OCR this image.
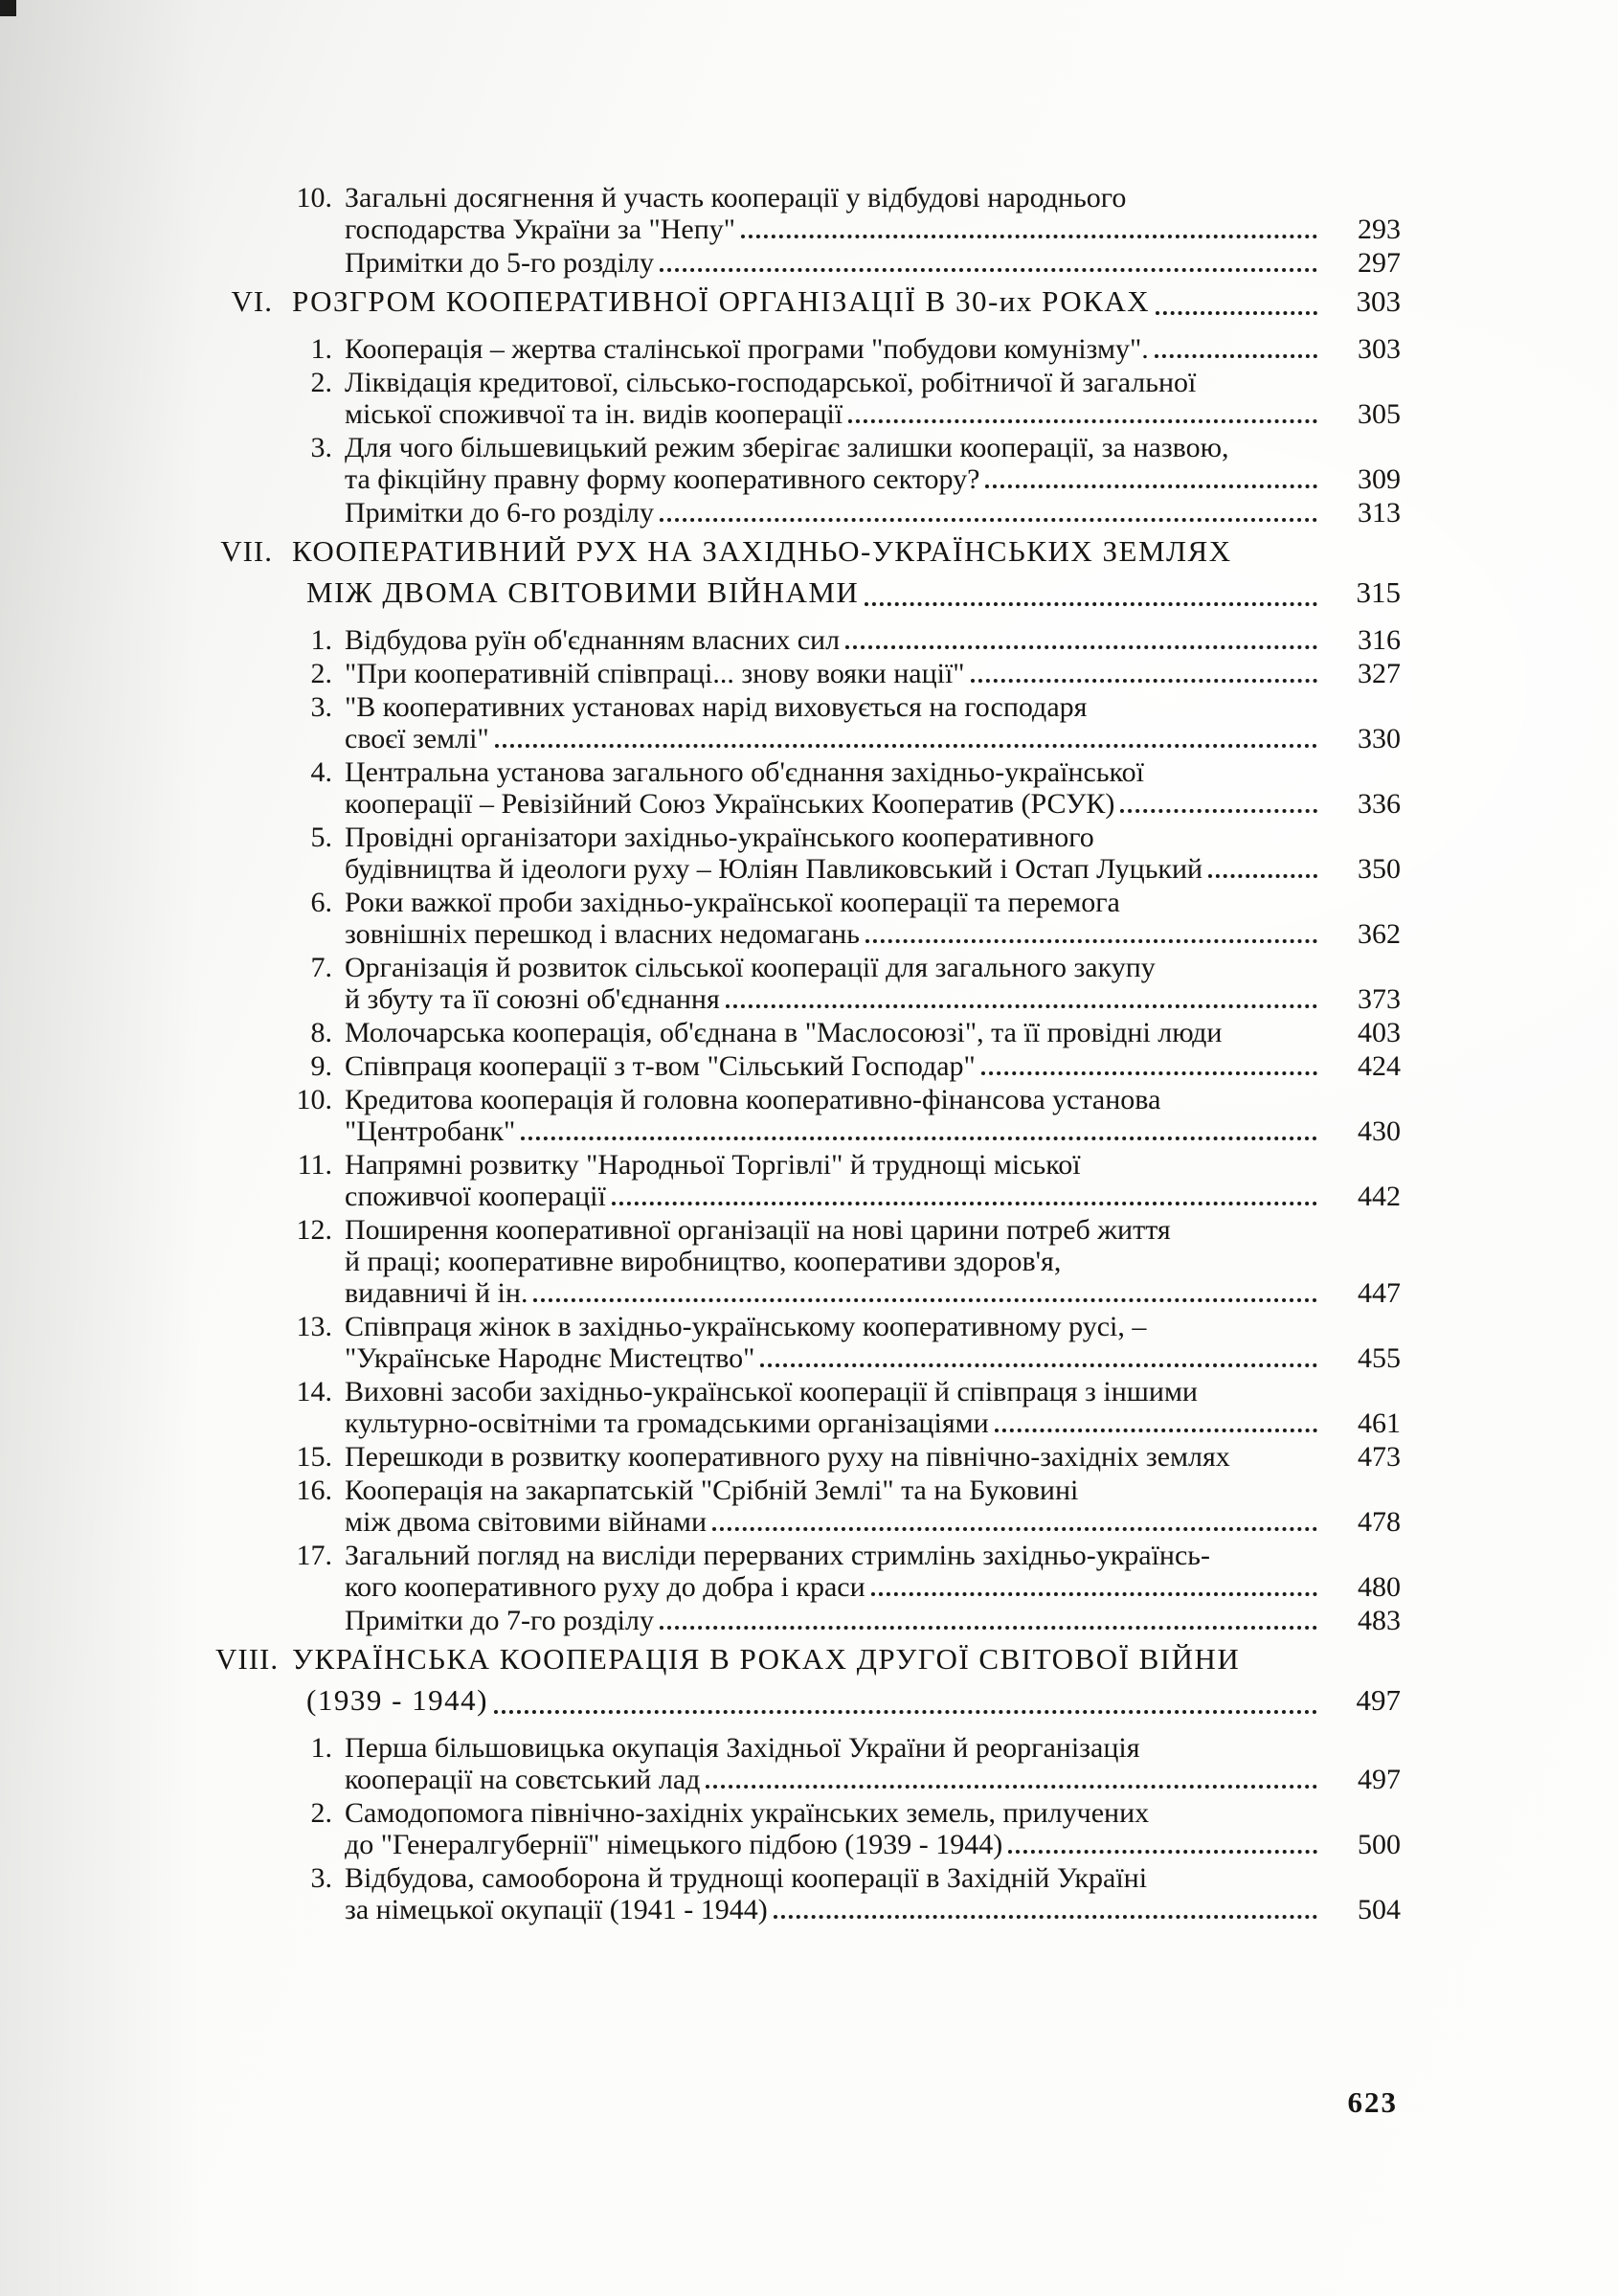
10. Загальні досягнення й участь кооперації у відбудові народнього
господарства України за "Непу"	293
Примітки до 5-го розділу	297
VI. РОЗГРОМ КООПЕРАТИВНОЇ ОРГАНІЗАЦІЇ В 30-их РОКАХ	303
1. Кооперація – жертва сталінської програми "побудови комунізму".	303
2. Ліквідація кредитової, сільсько-господарської, робітничої й загальної
міської споживчої та ін. видів кооперації	305
3. Для чого більшевицький режим зберігає залишки кооперації, за назвою,
та фікційну правну форму кооперативного сектору?	309
Примітки до 6-го розділу	313
VII. КООПЕРАТИВНИЙ РУХ НА ЗАХІДНЬО-УКРАЇНСЬКИХ ЗЕМЛЯХ
МІЖ ДВОМА СВІТОВИМИ ВІЙНАМИ	315
1. Відбудова руїн об'єднанням власних сил	316
2. "При кооперативній співпраці... знову вояки нації"	327
3. "В кооперативних установах нарід виховується на господаря
своєї землі"	330
4. Центральна установа загального об'єднання західньо-української
кооперації – Ревізійний Союз Українських Кооператив (РСУК)	336
5. Провідні організатори західньо-українського кооперативного
будівництва й ідеологи руху – Юліян Павликовський і Остап Луцький	350
6. Роки важкої проби західньо-української кооперації та перемога
зовнішніх перешкод і власних недомагань	362
7. Організація й розвиток сільської кооперації для загального закупу
й збуту та її союзні об'єднання	373
8. Молочарська кооперація, об'єднана в "Маслосоюзі", та її провідні люди	403
9. Співпраця кооперації з т-вом "Сільський Господар"	424
10. Кредитова кооперація й головна кооперативно-фінансова установа
"Центробанк"	430
11. Напрямні розвитку "Народньої Торгівлі" й труднощі міської
споживчої кооперації	442
12. Поширення кооперативної організації на нові царини потреб життя
й праці; кооперативне виробництво, кооперативи здоров'я,
видавничі й ін.	447
13. Співпраця жінок в західньо-українському кооперативному русі, –
"Українське Народнє Мистецтво"	455
14. Виховні засоби західньо-української кооперації й співпраця з іншими
культурно-освітніми та громадськими організаціями	461
15. Перешкоди в розвитку кооперативного руху на північно-західніх землях	473
16. Кооперація на закарпатській "Срібній Землі" та на Буковині
між двома світовими війнами	478
17. Загальний погляд на висліди перерваних стримлінь західньо-українсь-
кого кооперативного руху до добра і краси	480
Примітки до 7-го розділу	483
VIII. УКРАЇНСЬКА КООПЕРАЦІЯ В РОКАХ ДРУГОЇ СВІТОВОЇ ВІЙНИ
(1939 - 1944)	497
1. Перша більшовицька окупація Західньої України й реорганізація
кооперації на совєтський лад	497
2. Самодопомога північно-західніх українських земель, прилучених
до "Генералгубернії" німецького підбою (1939 - 1944)	500
3. Відбудова, самооборона й труднощі кооперації в Західній Україні
за німецької окупації (1941 - 1944)	504
623
